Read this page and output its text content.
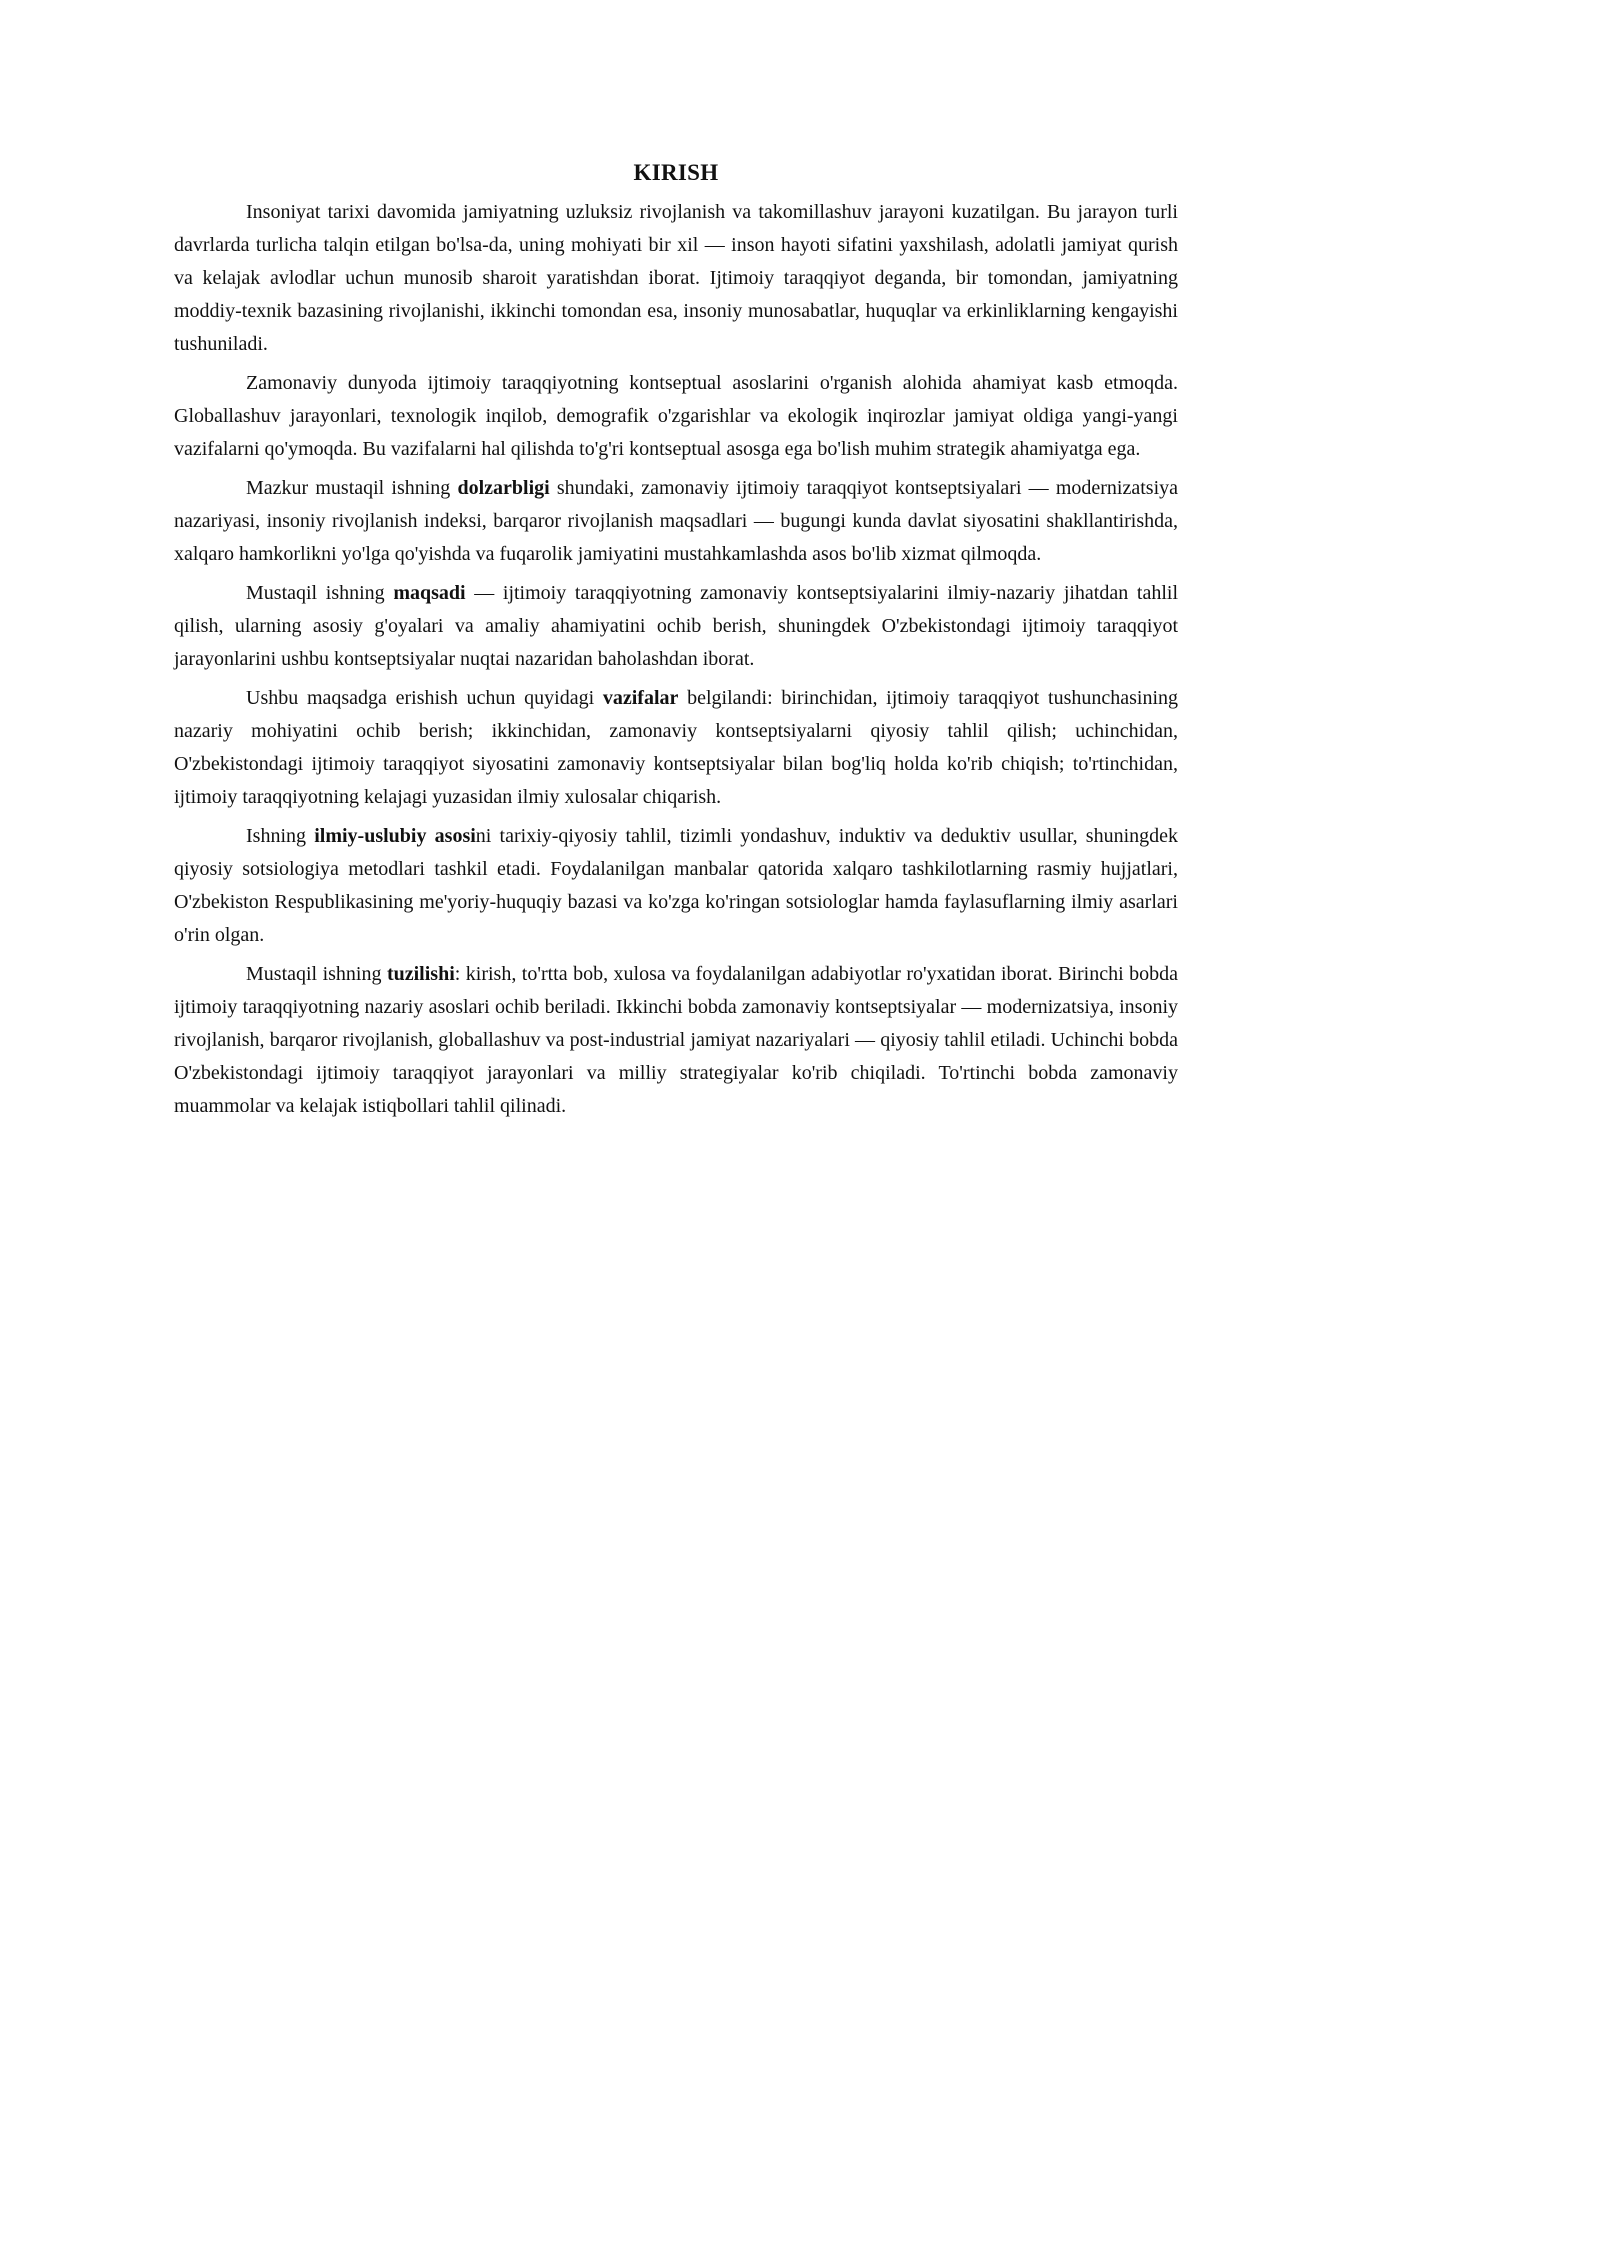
KIRISH

Insoniyat tarixi davomida jamiyatning uzluksiz rivojlanish va takomillashuv jarayoni kuzatilgan. Bu jarayon turli davrlarda turlicha talqin etilgan bo'lsa-da, uning mohiyati bir xil — inson hayoti sifatini yaxshilash, adolatli jamiyat qurish va kelajak avlodlar uchun munosib sharoit yaratishdan iborat. Ijtimoiy taraqqiyot deganda, bir tomondan, jamiyatning moddiy-texnik bazasining rivojlanishi, ikkinchi tomondan esa, insoniy munosabatlar, huquqlar va erkinliklarning kengayishi tushuniladi.

Zamonaviy dunyoda ijtimoiy taraqqiyotning kontseptual asoslarini o'rganish alohida ahamiyat kasb etmoqda. Globallashuv jarayonlari, texnologik inqilob, demografik o'zgarishlar va ekologik inqirozlar jamiyat oldiga yangi-yangi vazifalarni qo'ymoqda. Bu vazifalarni hal qilishda to'g'ri kontseptual asosga ega bo'lish muhim strategik ahamiyatga ega.

Mazkur mustaqil ishning dolzarbligi shundaki, zamonaviy ijtimoiy taraqqiyot kontseptsiyalari — modernizatsiya nazariyasi, insoniy rivojlanish indeksi, barqaror rivojlanish maqsadlari — bugungi kunda davlat siyosatini shakllantirishda, xalqaro hamkorlikni yo'lga qo'yishda va fuqarolik jamiyatini mustahkamlashda asos bo'lib xizmat qilmoqda.

Mustaqil ishning maqsadi — ijtimoiy taraqqiyotning zamonaviy kontseptsiyalarini ilmiy-nazariy jihatdan tahlil qilish, ularning asosiy g'oyalari va amaliy ahamiyatini ochib berish, shuningdek O'zbekistondagi ijtimoiy taraqqiyot jarayonlarini ushbu kontseptsiyalar nuqtai nazaridan baholashdan iborat.

Ushbu maqsadga erishish uchun quyidagi vazifalar belgilandi: birinchidan, ijtimoiy taraqqiyot tushunchasining nazariy mohiyatini ochib berish; ikkinchidan, zamonaviy kontseptsiyalarni qiyosiy tahlil qilish; uchinchidan, O'zbekistondagi ijtimoiy taraqqiyot siyosatini zamonaviy kontseptsiyalar bilan bog'liq holda ko'rib chiqish; to'rtinchidan, ijtimoiy taraqqiyotning kelajagi yuzasidan ilmiy xulosalar chiqarish.

Ishning ilmiy-uslubiy asosini tarixiy-qiyosiy tahlil, tizimli yondashuv, induktiv va deduktiv usullar, shuningdek qiyosiy sotsiologiya metodlari tashkil etadi. Foydalanilgan manbalar qatorida xalqaro tashkilotlarning rasmiy hujjatlari, O'zbekiston Respublikasining me'yoriy-huquqiy bazasi va ko'zga ko'ringan sotsiologlar hamda faylasuflarning ilmiy asarlari o'rin olgan.

Mustaqil ishning tuzilishi: kirish, to'rtta bob, xulosa va foydalanilgan adabiyotlar ro'yxatidan iborat. Birinchi bobda ijtimoiy taraqqiyotning nazariy asoslari ochib beriladi. Ikkinchi bobda zamonaviy kontseptsiyalar — modernizatsiya, insoniy rivojlanish, barqaror rivojlanish, globallashuv va post-industrial jamiyat nazariyalari — qiyosiy tahlil etiladi. Uchinchi bobda O'zbekistondagi ijtimoiy taraqqiyot jarayonlari va milliy strategiyalar ko'rib chiqiladi. To'rtinchi bobda zamonaviy muammolar va kelajak istiqbollari tahlil qilinadi.
